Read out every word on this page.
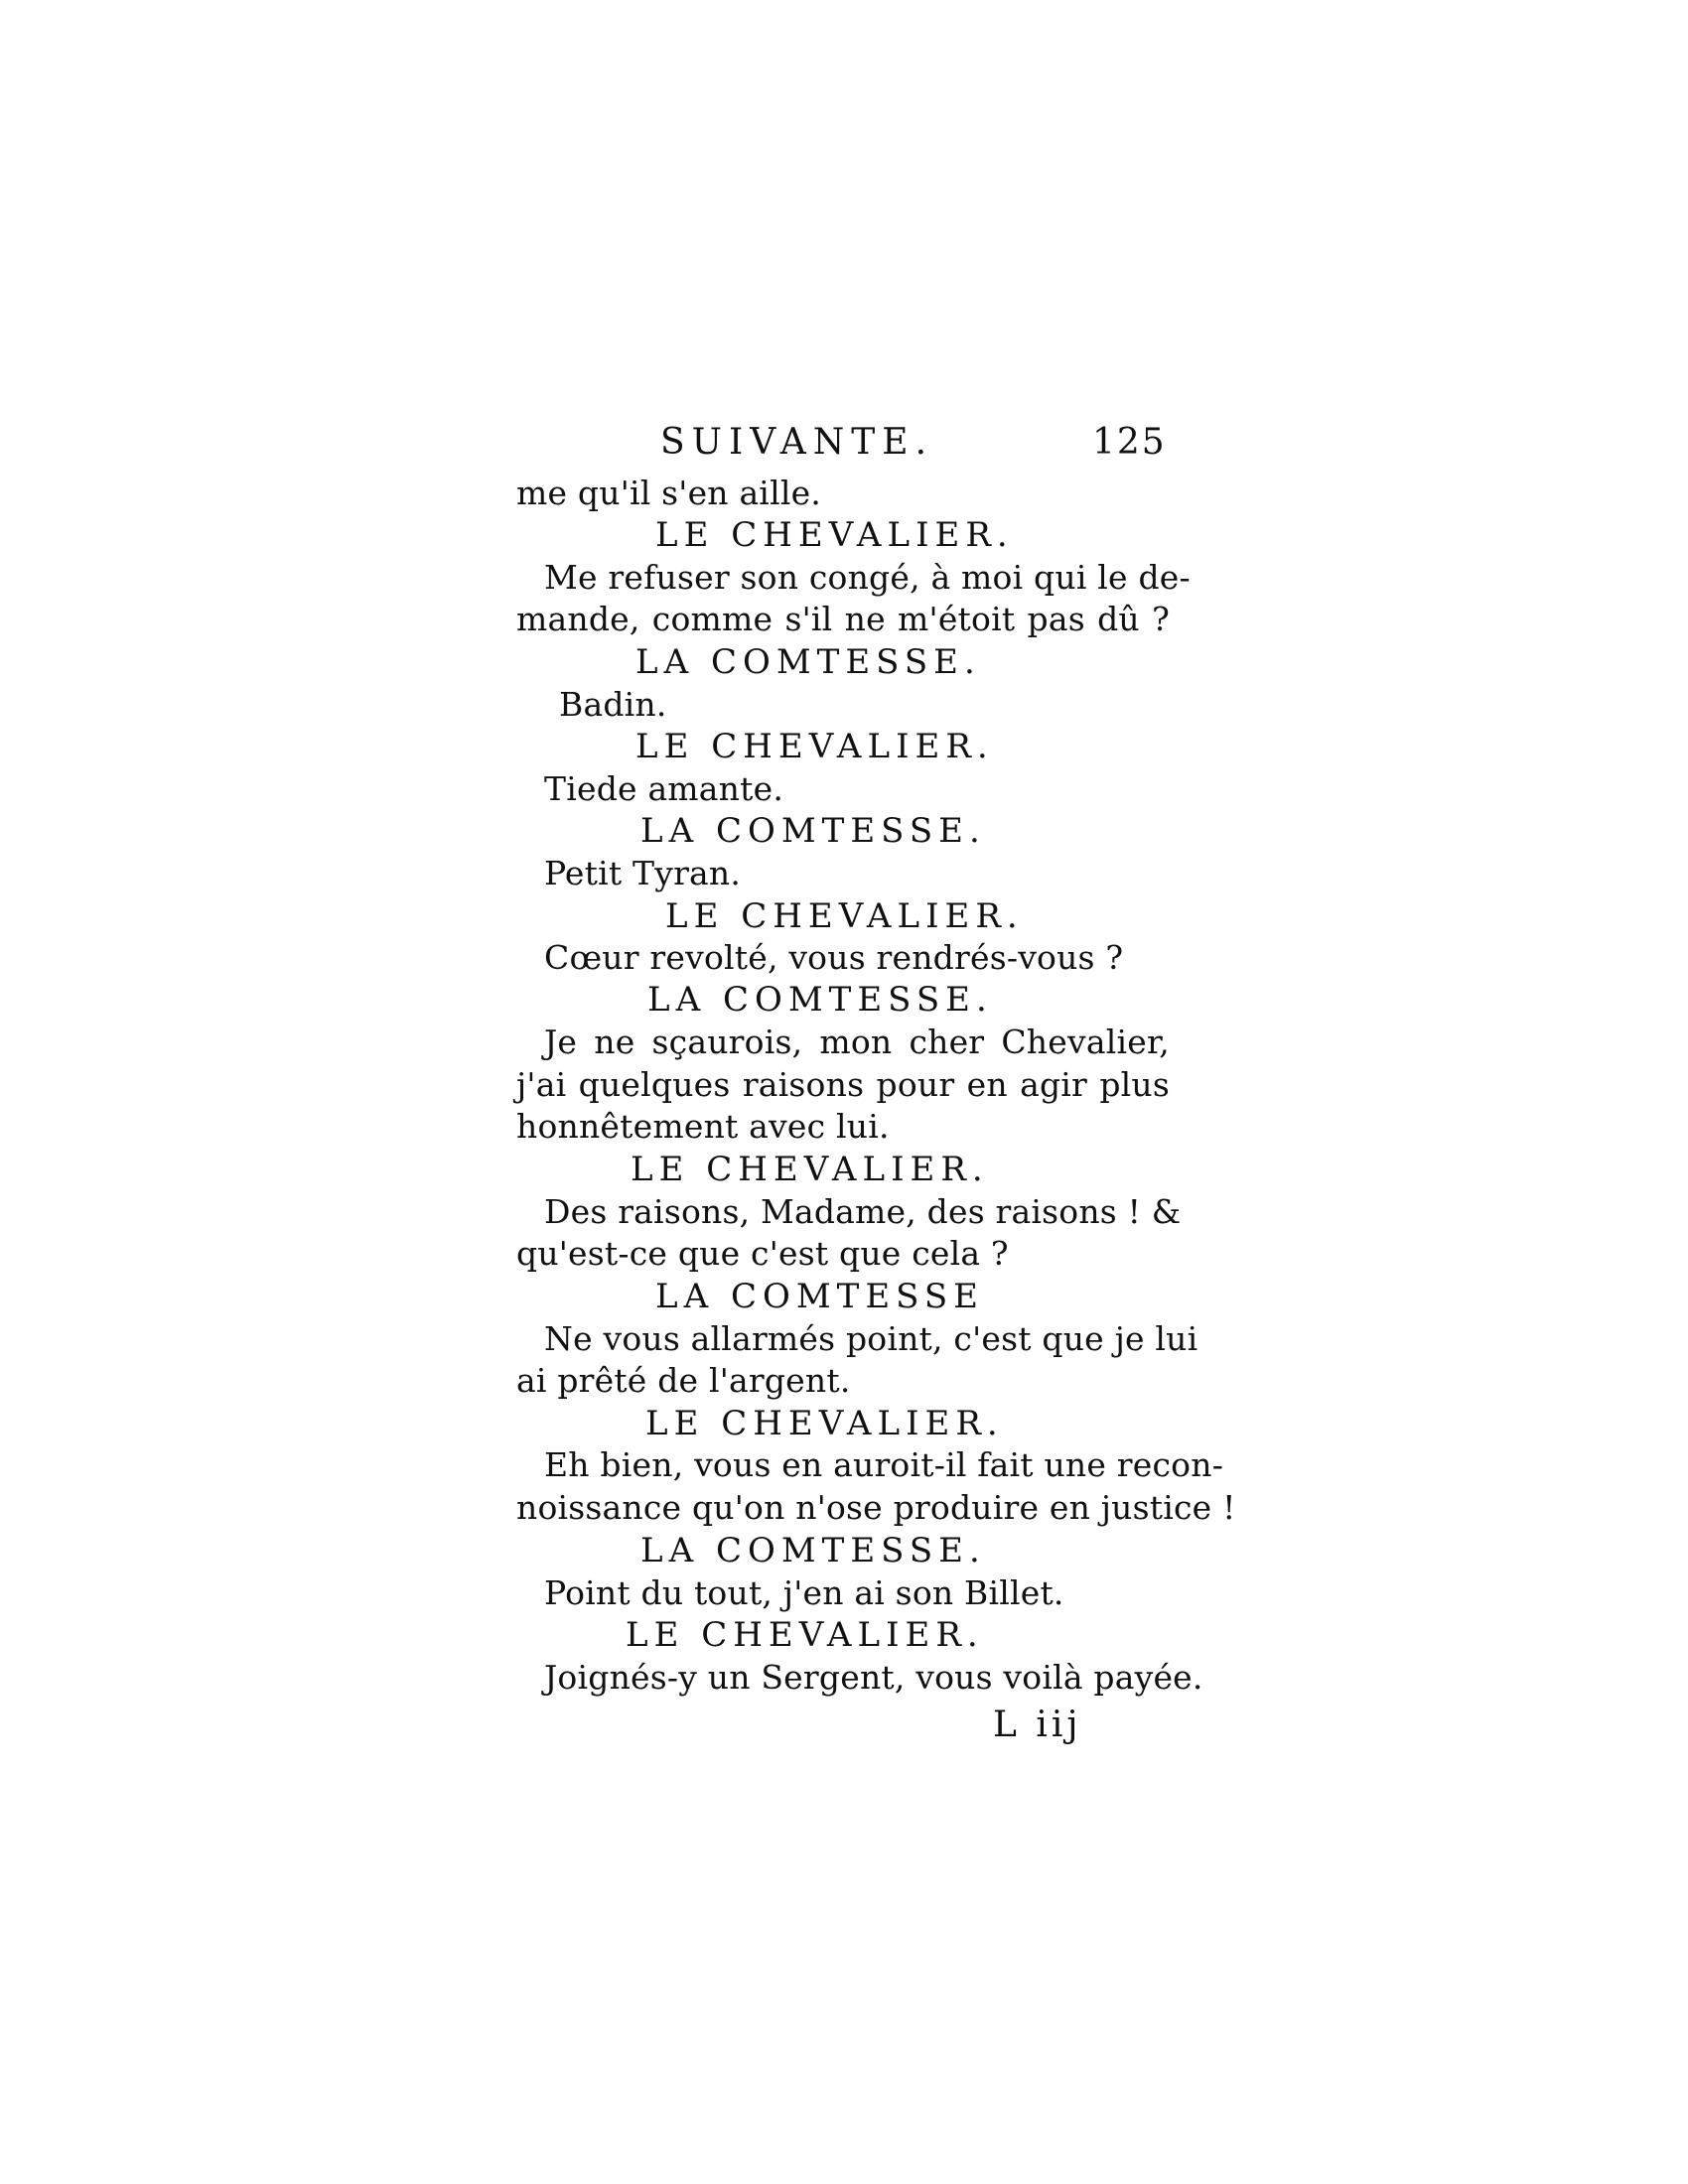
SUIVANTE.	125
me qu'il s'en aille.
LE CHEVALIER.
Me refuser son congé, à moi qui le de-
mande, comme s'il ne m'étoit pas dû ?
LA COMTESSE.
Badin.
LE CHEVALIER.
Tiede amante.
LA COMTESSE.
Petit Tyran.
LE CHEVALIER.
Cœur revolté, vous rendrés-vous ?
LA COMTESSE.
Je ne sçaurois, mon cher Chevalier,
j'ai quelques raisons pour en agir plus
honnêtement avec lui.
LE CHEVALIER.
Des raisons, Madame, des raisons ! &
qu'est-ce que c'est que cela ?
LA COMTESSE
Ne vous allarmés point, c'est que je lui
ai prêté de l'argent.
LE CHEVALIER.
Eh bien, vous en auroit-il fait une recon-
noissance qu'on n'ose produire en justice !
LA COMTESSE.
Point du tout, j'en ai son Billet.
LE CHEVALIER.
Joignés-y un Sergent, vous voilà payée.
L iij
